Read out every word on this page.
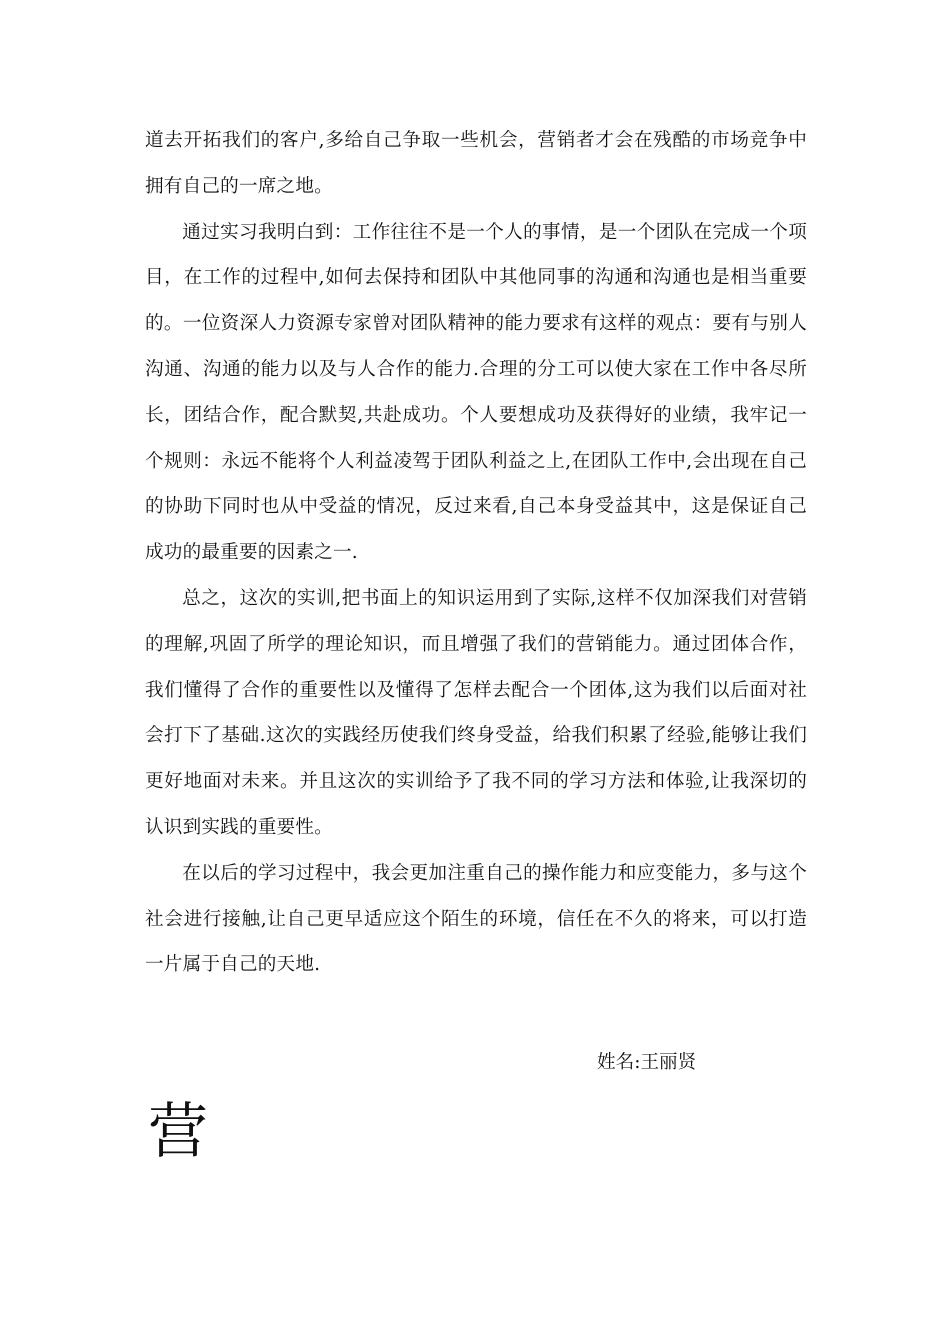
道去开拓我们的客户,多给自己争取一些机会，营销者才会在残酷的市场竞争中拥有自己的一席之地。

通过实习我明白到：工作往往不是一个人的事情，是一个团队在完成一个项目，在工作的过程中,如何去保持和团队中其他同事的沟通和沟通也是相当重要的。一位资深人力资源专家曾对团队精神的能力要求有这样的观点：要有与别人沟通、沟通的能力以及与人合作的能力.合理的分工可以使大家在工作中各尽所长，团结合作，配合默契,共赴成功。个人要想成功及获得好的业绩，我牢记一个规则：永远不能将个人利益凌驾于团队利益之上,在团队工作中,会出现在自己的协助下同时也从中受益的情况，反过来看,自己本身受益其中，这是保证自己成功的最重要的因素之一.

总之，这次的实训,把书面上的知识运用到了实际,这样不仅加深我们对营销的理解,巩固了所学的理论知识，而且增强了我们的营销能力。通过团体合作，我们懂得了合作的重要性以及懂得了怎样去配合一个团体,这为我们以后面对社会打下了基础.这次的实践经历使我们终身受益，给我们积累了经验,能够让我们更好地面对未来。并且这次的实训给予了我不同的学习方法和体验,让我深切的认识到实践的重要性。

在以后的学习过程中，我会更加注重自己的操作能力和应变能力，多与这个社会进行接触,让自己更早适应这个陌生的环境，信任在不久的将来，可以打造一片属于自己的天地.

姓名:王丽贤
营
